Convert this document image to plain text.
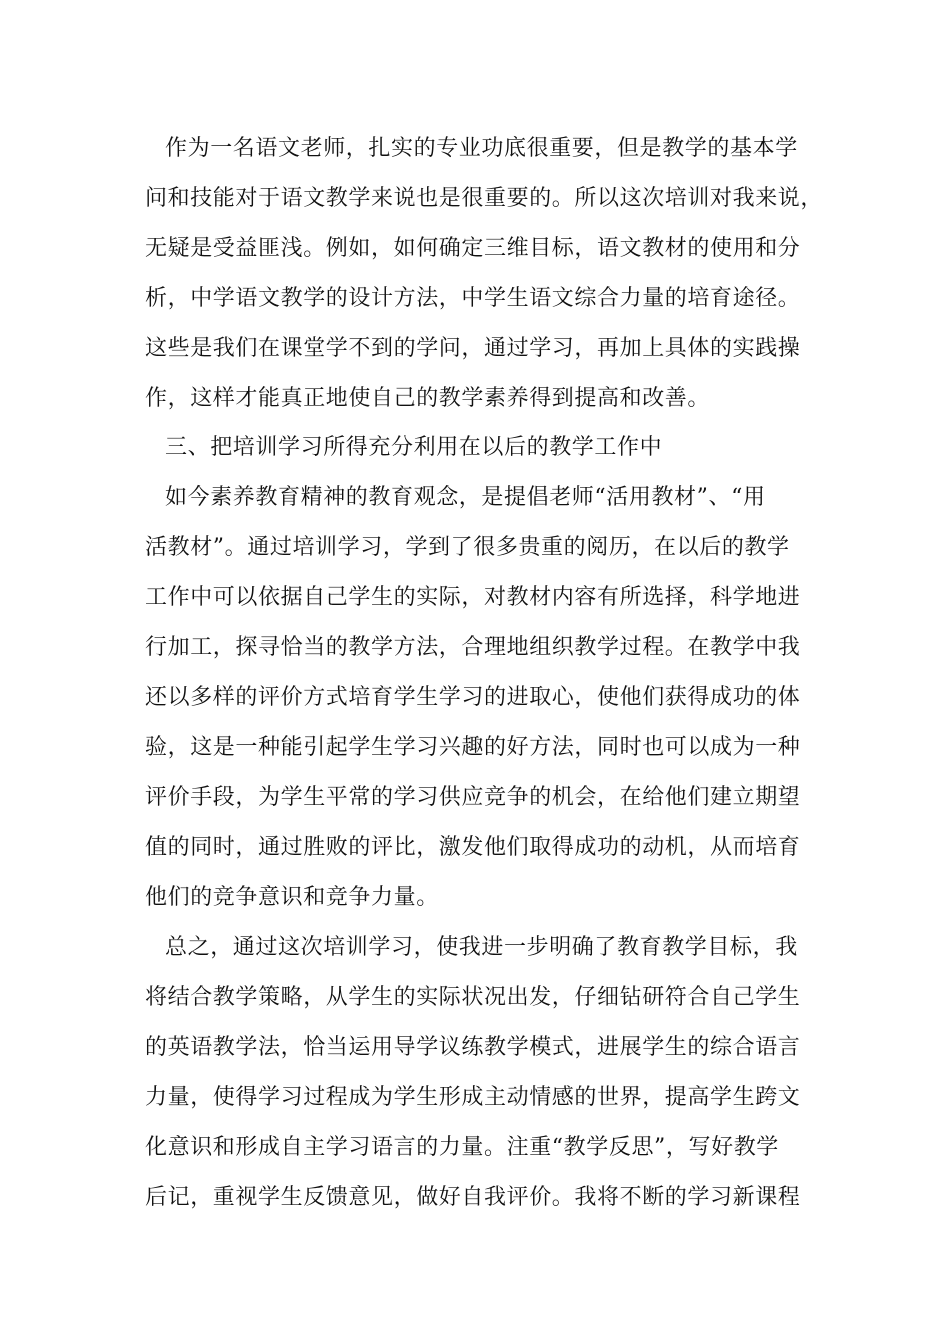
作为一名语文老师，扎实的专业功底很重要，但是教学的基本学
问和技能对于语文教学来说也是很重要的。所以这次培训对我来说，
无疑是受益匪浅。例如，如何确定三维目标，语文教材的使用和分
析，中学语文教学的设计方法，中学生语文综合力量的培育途径。
这些是我们在课堂学不到的学问，通过学习，再加上具体的实践操
作，这样才能真正地使自己的教学素养得到提高和改善。
三、把培训学习所得充分利用在以后的教学工作中
如今素养教育精神的教育观念，是提倡老师“活用教材”、“用
活教材”。通过培训学习，学到了很多贵重的阅历，在以后的教学
工作中可以依据自己学生的实际，对教材内容有所选择，科学地进
行加工，探寻恰当的教学方法，合理地组织教学过程。在教学中我
还以多样的评价方式培育学生学习的进取心，使他们获得成功的体
验，这是一种能引起学生学习兴趣的好方法，同时也可以成为一种
评价手段，为学生平常的学习供应竞争的机会，在给他们建立期望
值的同时，通过胜败的评比，激发他们取得成功的动机，从而培育
他们的竞争意识和竞争力量。
总之，通过这次培训学习，使我进一步明确了教育教学目标，我
将结合教学策略，从学生的实际状况出发，仔细钻研符合自己学生
的英语教学法，恰当运用导学议练教学模式，进展学生的综合语言
力量，使得学习过程成为学生形成主动情感的世界，提高学生跨文
化意识和形成自主学习语言的力量。注重“教学反思”，写好教学
后记，重视学生反馈意见，做好自我评价。我将不断的学习新课程
